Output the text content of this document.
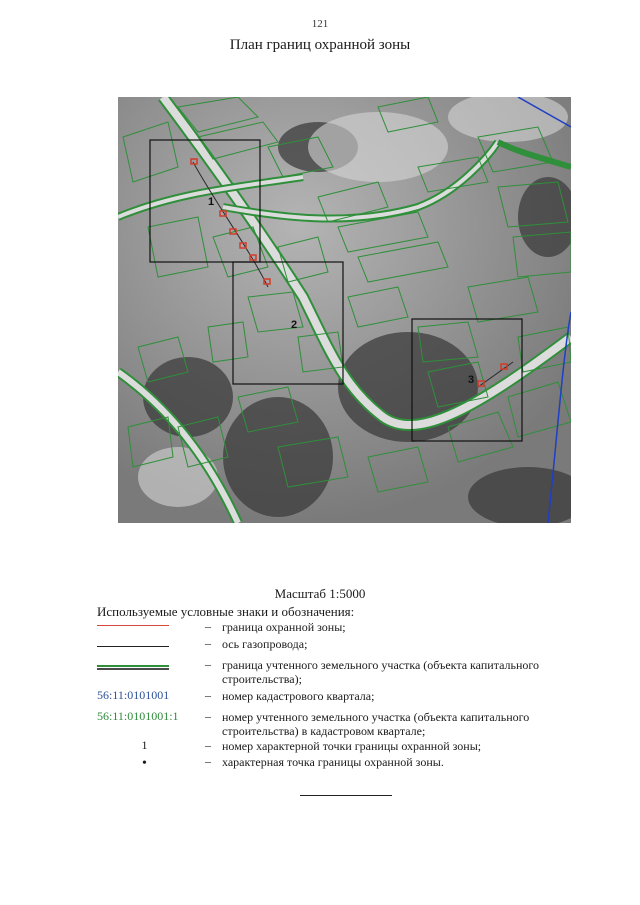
121
План границ охранной зоны
1
2
3
Масштаб 1:5000
Используемые условные знаки и обозначения:
– граница охранной зоны;
– ось газопровода;
– граница учтенного земельного участка (объекта капитального строительства);
56:11:0101001	– номер кадастрового квартала;
56:11:0101001:1	– номер учтенного земельного участка (объекта капитального строительства) в кадастровом квартале;
1	– номер характерной точки границы охранной зоны;
•	– характерная точка границы охранной зоны.
